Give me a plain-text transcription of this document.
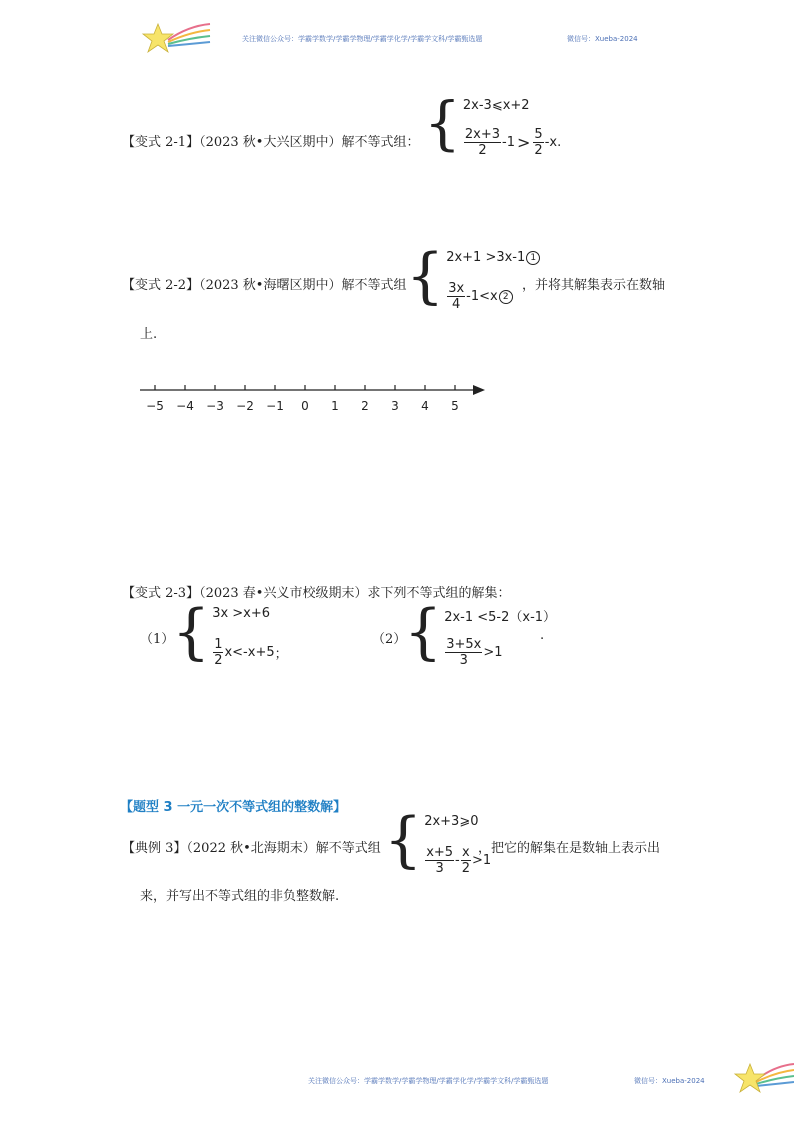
关注微信公众号：学霸学数学/学霸学物理/学霸学化学/学霸学文科/学霸甄选题	微信号：Xueba-2024
【变式 2-1】（2023 秋•大兴区期中）解不等式组： { 2x-3⩽x+2
$\frac{2x+3}{2} -1 > \frac{5}{2} -x$ .
【变式 2-2】（2023 秋•海曙区期中）解不等式组 { 2x+1 >3x-1 1
$\frac{3x}{4} -1<x$ 2
，并将其解集表示在数轴
上.
−5 −4 −3 −2 −1 0 1 2 3 4 5
【变式 2-3】（2023 春•兴义市校级期末）求下列不等式组的解集：
（1）
{ 3x >x+6
$\frac{1}{2} x<-x+5$ ；
（2）
{ 2x-1 <5-2（x-1）
$\frac{3+5x}{3} >1$
.
【题型 3 一元一次不等式组的整数解】
【典例 3】（2022 秋•北海期末）解不等式组 { 2x+3⩾0
$\frac{x+5}{3} - \frac{x}{2} >1$
，把它的解集在是数轴上表示出
来，并写出不等式组的非负整数解.
关注微信公众号：学霸学数学/学霸学物理/学霸学化学/学霸学文科/学霸甄选题	微信号：Xueba-2024
